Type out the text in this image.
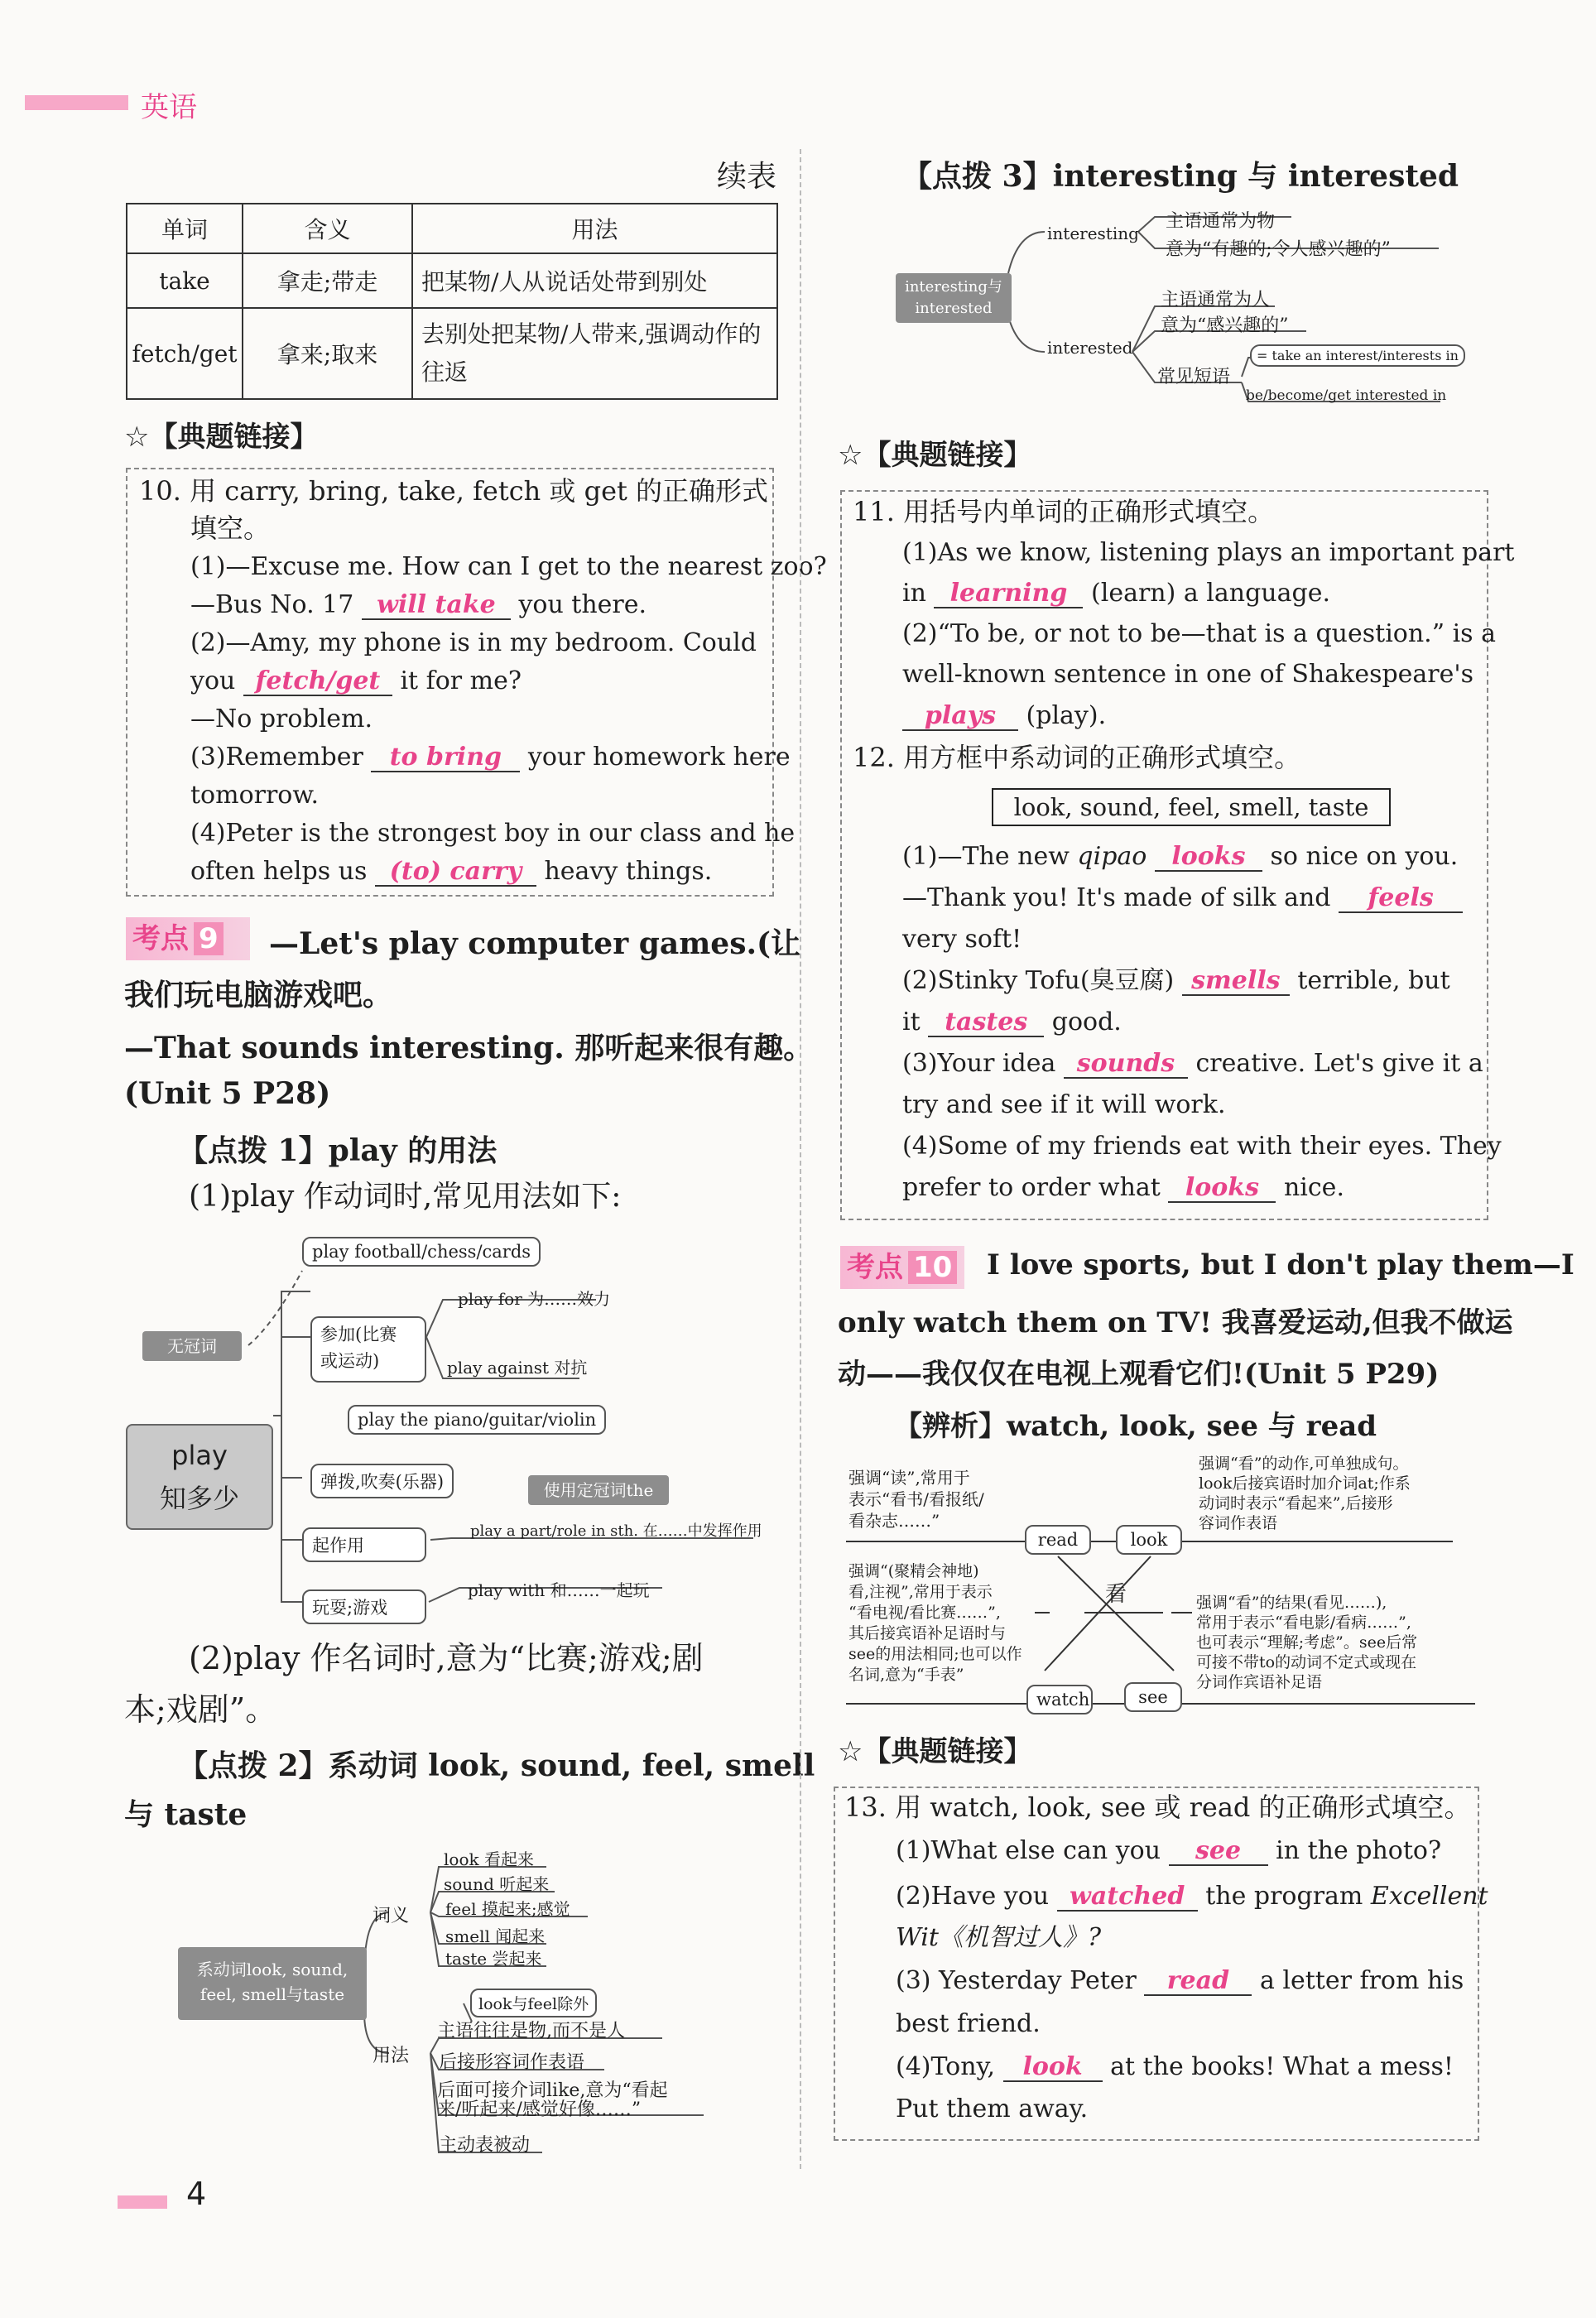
英语
续表
单词	含义	用法
take	拿走;带走	把某物/人从说话处带到别处
fetch/get	拿来;取来	去别处把某物/人带来,强调动作的往返
☆【典题链接】
10. 用 carry, bring, take, fetch 或 get 的正确形式
填空。
(1)—Excuse me. How can I get to the nearest zoo?
—Bus No. 17 will take you there.
(2)—Amy, my phone is in my bedroom. Could
you fetch/get it for me?
—No problem.
(3)Remember to bring your homework here
tomorrow.
(4)Peter is the strongest boy in our class and he
often helps us (to) carry heavy things.
考点 9	—Let's play computer games.(让
我们玩电脑游戏吧。
—That sounds interesting. 那听起来很有趣。
(Unit 5 P28)
【点拨 1】play 的用法
(1)play 作动词时,常见用法如下:
无冠词
play
知多少
play football/chess/cards
参加(比赛
或运动)
play for 为……效力
play against 对抗
play the piano/guitar/violin
弹拨,吹奏(乐器)	使用定冠词the
起作用
play a part/role in sth. 在……中发挥作用
玩耍;游戏
play with 和……一起玩
(2)play 作名词时,意为“比赛;游戏;剧
本;戏剧”。
【点拨 2】系动词 look, sound, feel, smell
与 taste
系动词look, sound, feel, smell与taste
词义
look 看起来
sound 听起来
feel 摸起来;感觉
smell 闻起来
taste 尝起来
用法
look与feel除外
主语往往是物,而不是人
后接形容词作表语
后面可接介词like,意为“看起
来/听起来/感觉好像……”
主动表被动
【点拨 3】interesting 与 interested
interesting与interested
interesting
主语通常为物
意为“有趣的;令人感兴趣的”
interested
主语通常为人
意为“感兴趣的”
常见短语
= take an interest/interests in
be/become/get interested in
☆【典题链接】
11. 用括号内单词的正确形式填空。
(1)As we know, listening plays an important part
in learning (learn) a language.
(2)“To be, or not to be—that is a question.” is a
well-known sentence in one of Shakespeare's
plays (play).
12. 用方框中系动词的正确形式填空。
look, sound, feel, smell, taste
(1)—The new qipao looks so nice on you.
—Thank you! It's made of silk and feels
very soft!
(2)Stinky Tofu(臭豆腐) smells terrible, but
it tastes good.
(3)Your idea sounds creative. Let's give it a
try and see if it will work.
(4)Some of my friends eat with their eyes. They
prefer to order what looks nice.
考点 10	I love sports, but I don't play them—I
only watch them on TV! 我喜爱运动,但我不做运
动——我仅仅在电视上观看它们!(Unit 5 P29)
【辨析】watch, look, see 与 read
read	look
watch	see
看
强调“读”,常用于
表示“看书/看报纸/
看杂志……”
强调“看”的动作,可单独成句。
look后接宾语时加介词at;作系
动词时表示“看起来”,后接形
容词作表语
强调“(聚精会神地)
看,注视”,常用于表示
“看电视/看比赛……”,
其后接宾语补足语时与
see的用法相同;也可以作
名词,意为“手表”
强调“看”的结果(看见……),
常用于表示“看电影/看病……”,
也可表示“理解;考虑”。see后常
可接不带to的动词不定式或现在
分词作宾语补足语
☆【典题链接】
13. 用 watch, look, see 或 read 的正确形式填空。
(1)What else can you see in the photo?
(2)Have you watched the program Excellent
Wit《机智过人》?
(3) Yesterday Peter read a letter from his
best friend.
(4)Tony, look at the books! What a mess!
Put them away.
4
